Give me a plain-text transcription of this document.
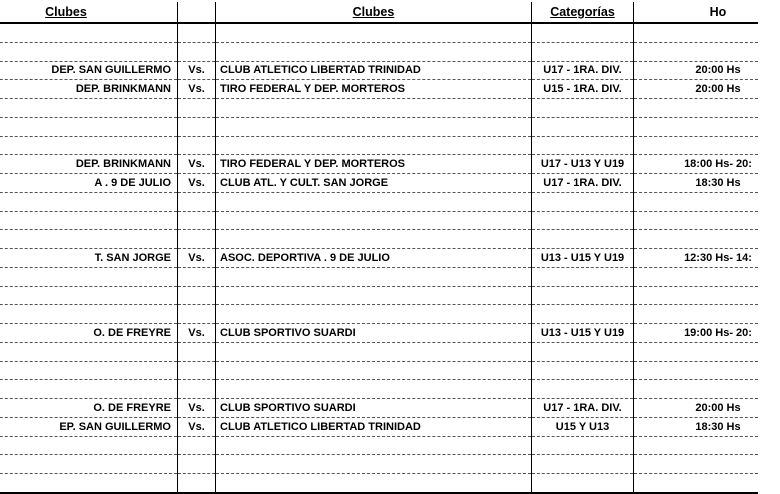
Clubes		Clubes	Categorías	Ho

DEP. SAN GUILLERMO	Vs.	CLUB ATLETICO LIBERTAD TRINIDAD	U17 - 1RA. DIV.	20:00 Hs
DEP. BRINKMANN	Vs.	TIRO FEDERAL Y DEP. MORTEROS	U15 - 1RA. DIV.	20:00 Hs

DEP. BRINKMANN	Vs.	TIRO FEDERAL Y DEP. MORTEROS	U17 - U13 Y U19	18:00 Hs- 20:
A . 9 DE JULIO	Vs.	CLUB ATL. Y CULT. SAN JORGE	U17 - 1RA. DIV.	18:30 Hs

T. SAN JORGE	Vs.	ASOC. DEPORTIVA . 9 DE JULIO	U13 - U15 Y U19	12:30 Hs- 14:

O. DE FREYRE	Vs.	CLUB SPORTIVO SUARDI	U13 - U15 Y U19	19:00 Hs- 20:

O. DE FREYRE	Vs.	CLUB SPORTIVO SUARDI	U17 - 1RA. DIV.	20:00 Hs
EP. SAN GUILLERMO	Vs.	CLUB ATLETICO LIBERTAD TRINIDAD	U15 Y U13	18:30 Hs
